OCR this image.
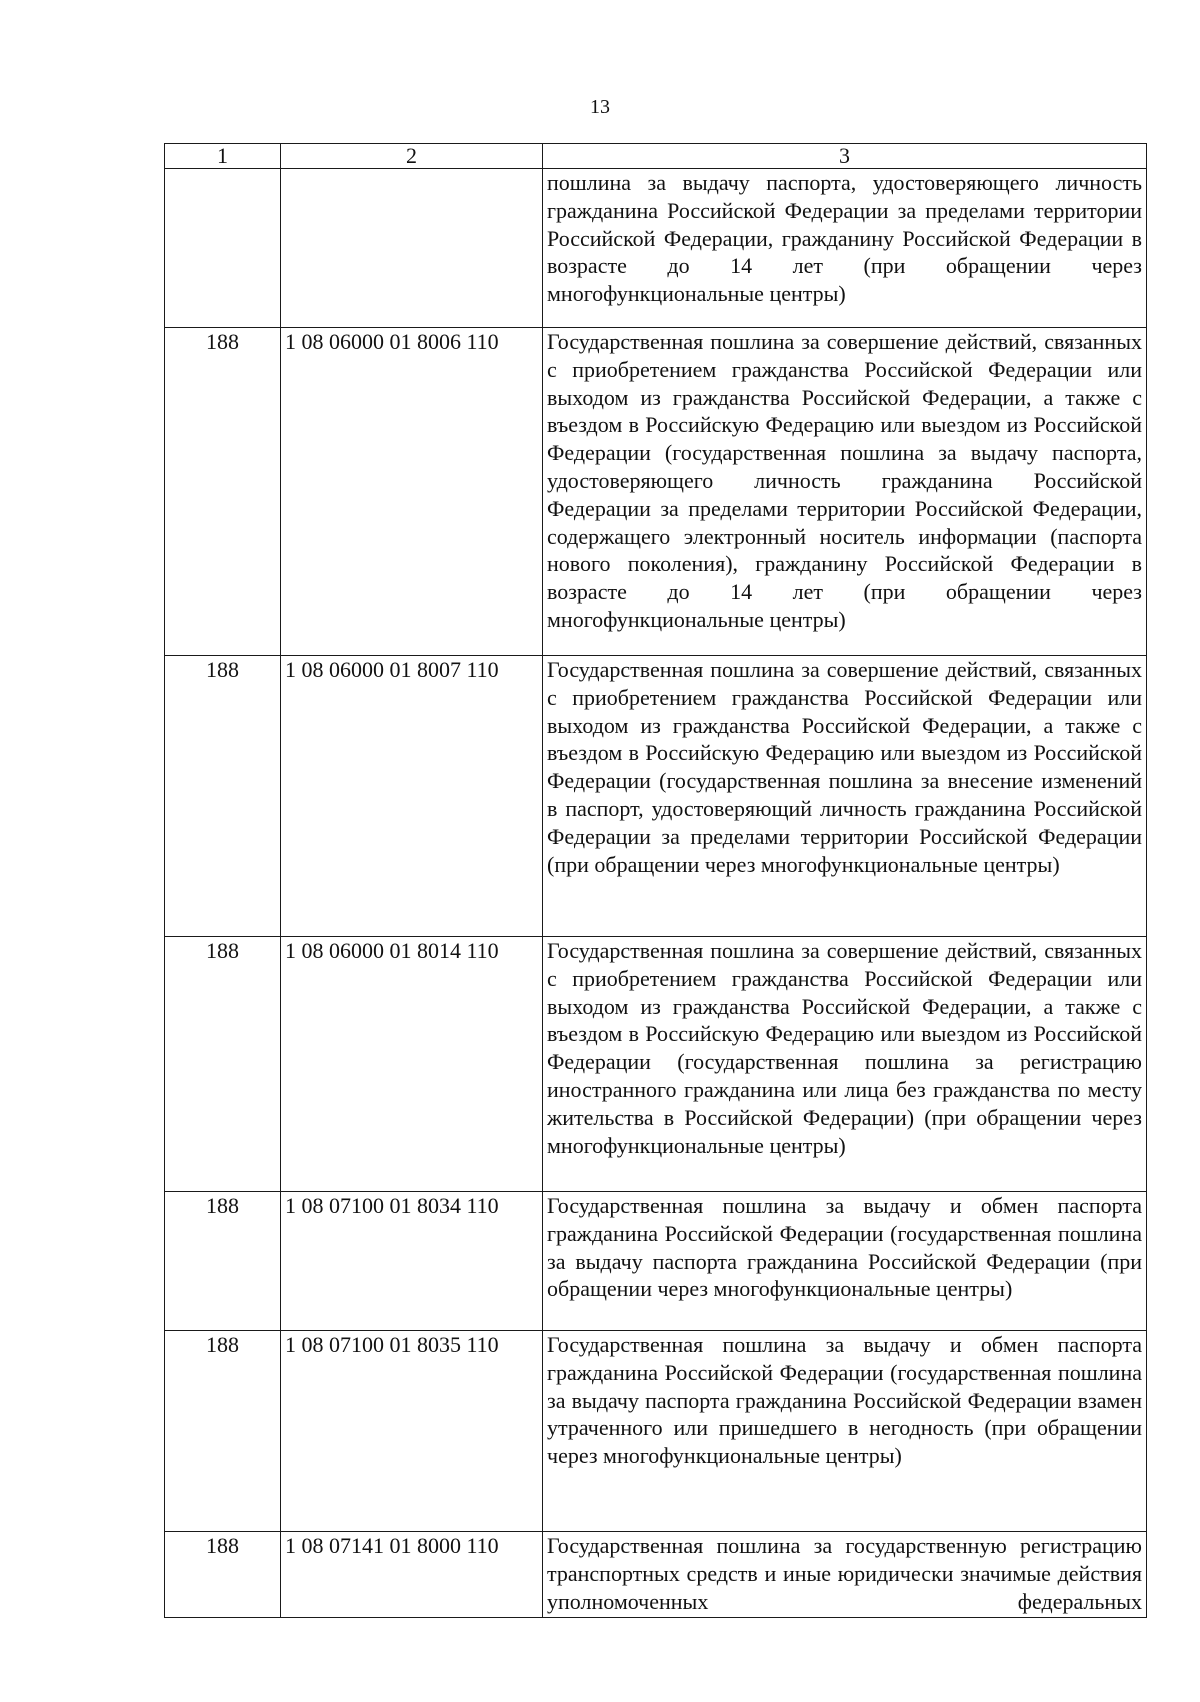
13
1	2	3
		пошлина за выдачу паспорта, удостоверяющего личность гражданина Российской Федерации за пределами территории Российской Федерации, гражданину Российской Федерации в возрасте до 14 лет (при обращении через многофункциональные центры)
188	1 08 06000 01 8006 110	Государственная пошлина за совершение действий, связанных с приобретением гражданства Российской Федерации или выходом из гражданства Российской Федерации, а также с въездом в Российскую Федерацию или выездом из Российской Федерации (государственная пошлина за выдачу паспорта, удостоверяющего личность гражданина Российской Федерации за пределами территории Российской Федерации, содержащего электронный носитель информации (паспорта нового поколения), гражданину Российской Федерации в возрасте до 14 лет (при обращении через многофункциональные центры)
188	1 08 06000 01 8007 110	Государственная пошлина за совершение действий, связанных с приобретением гражданства Российской Федерации или выходом из гражданства Российской Федерации, а также с въездом в Российскую Федерацию или выездом из Российской Федерации (государственная пошлина за внесение изменений в паспорт, удостоверяющий личность гражданина Российской Федерации за пределами территории Российской Федерации (при обращении через многофункциональные центры)
188	1 08 06000 01 8014 110	Государственная пошлина за совершение действий, связанных с приобретением гражданства Российской Федерации или выходом из гражданства Российской Федерации, а также с въездом в Российскую Федерацию или выездом из Российской Федерации (государственная пошлина за регистрацию иностранного гражданина или лица без гражданства по месту жительства в Российской Федерации) (при обращении через многофункциональные центры)
188	1 08 07100 01 8034 110	Государственная пошлина за выдачу и обмен паспорта гражданина Российской Федерации (государственная пошлина за выдачу паспорта гражданина Российской Федерации (при обращении через многофункциональные центры)
188	1 08 07100 01 8035 110	Государственная пошлина за выдачу и обмен паспорта гражданина Российской Федерации (государственная пошлина за выдачу паспорта гражданина Российской Федерации взамен утраченного или пришедшего в негодность (при обращении через многофункциональные центры)
188	1 08 07141 01 8000 110	Государственная пошлина за государственную регистрацию транспортных средств и иные юридически значимые действия уполномоченных федеральных
